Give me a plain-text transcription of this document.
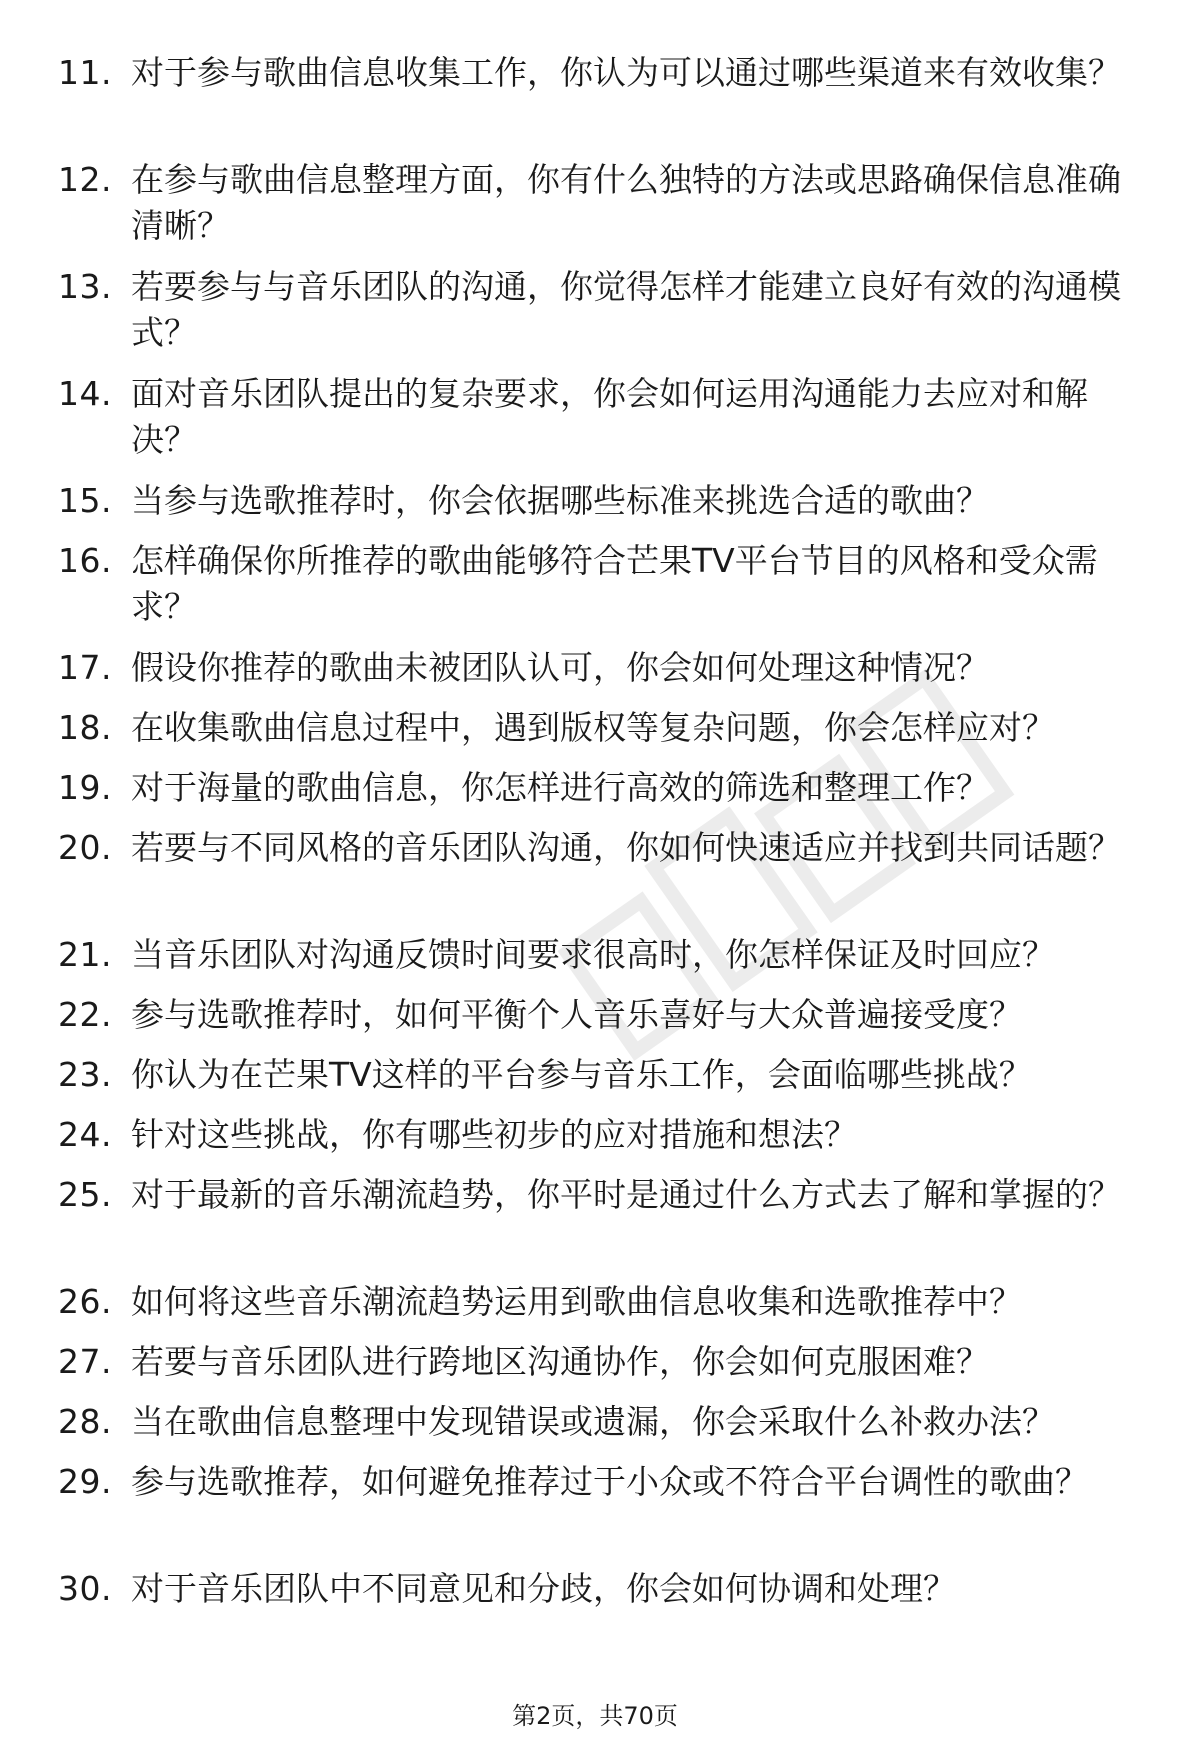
11. 对于参与歌曲信息收集工作，你认为可以通过哪些渠道来有效收集？
12. 在参与歌曲信息整理方面，你有什么独特的方法或思路确保信息准确清晰？
13. 若要参与与音乐团队的沟通，你觉得怎样才能建立良好有效的沟通模式？
14. 面对音乐团队提出的复杂要求，你会如何运用沟通能力去应对和解决？
15. 当参与选歌推荐时，你会依据哪些标准来挑选合适的歌曲？
16. 怎样确保你所推荐的歌曲能够符合芒果TV平台节目的风格和受众需求？
17. 假设你推荐的歌曲未被团队认可，你会如何处理这种情况？
18. 在收集歌曲信息过程中，遇到版权等复杂问题，你会怎样应对？
19. 对于海量的歌曲信息，你怎样进行高效的筛选和整理工作？
20. 若要与不同风格的音乐团队沟通，你如何快速适应并找到共同话题？
21. 当音乐团队对沟通反馈时间要求很高时，你怎样保证及时回应？
22. 参与选歌推荐时，如何平衡个人音乐喜好与大众普遍接受度？
23. 你认为在芒果TV这样的平台参与音乐工作，会面临哪些挑战？
24. 针对这些挑战，你有哪些初步的应对措施和想法？
25. 对于最新的音乐潮流趋势，你平时是通过什么方式去了解和掌握的？
26. 如何将这些音乐潮流趋势运用到歌曲信息收集和选歌推荐中？
27. 若要与音乐团队进行跨地区沟通协作，你会如何克服困难？
28. 当在歌曲信息整理中发现错误或遗漏，你会采取什么补救办法？
29. 参与选歌推荐，如何避免推荐过于小众或不符合平台调性的歌曲？
30. 对于音乐团队中不同意见和分歧，你会如何协调和处理？
第2页，共70页
